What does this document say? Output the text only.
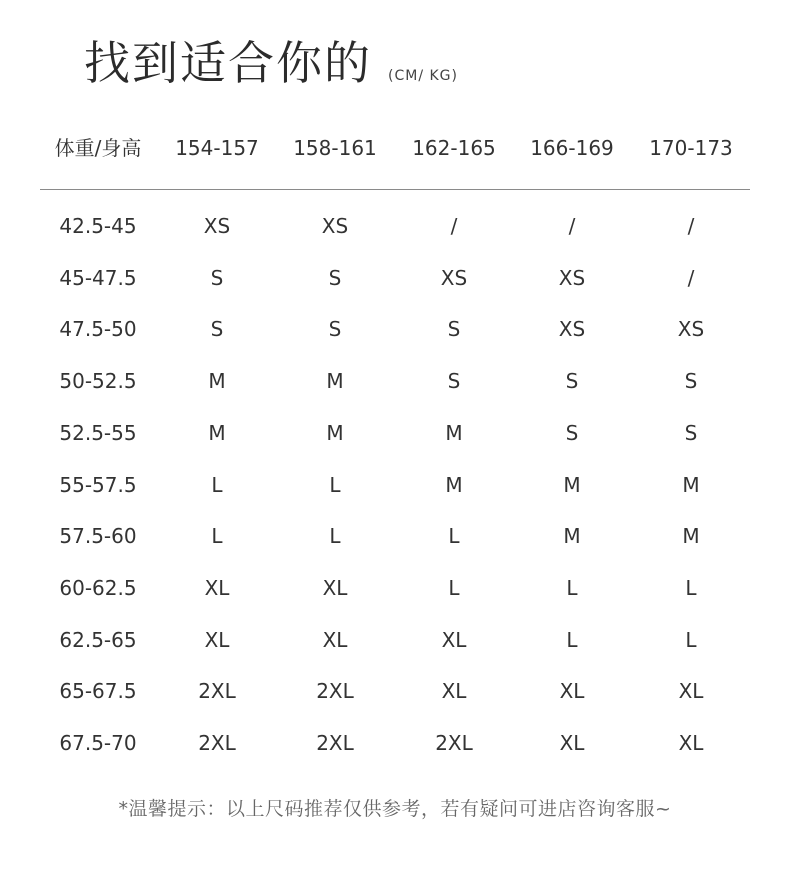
找到适合你的 (CM/ KG)
体重/身高	154-157	158-161	162-165	166-169	170-173
42.5-45	XS	XS	/	/	/
45-47.5	S	S	XS	XS	/
47.5-50	S	S	S	XS	XS
50-52.5	M	M	S	S	S
52.5-55	M	M	M	S	S
55-57.5	L	L	M	M	M
57.5-60	L	L	L	M	M
60-62.5	XL	XL	L	L	L
62.5-65	XL	XL	XL	L	L
65-67.5	2XL	2XL	XL	XL	XL
67.5-70	2XL	2XL	2XL	XL	XL
*温馨提示：以上尺码推荐仅供参考，若有疑问可进店咨询客服~
